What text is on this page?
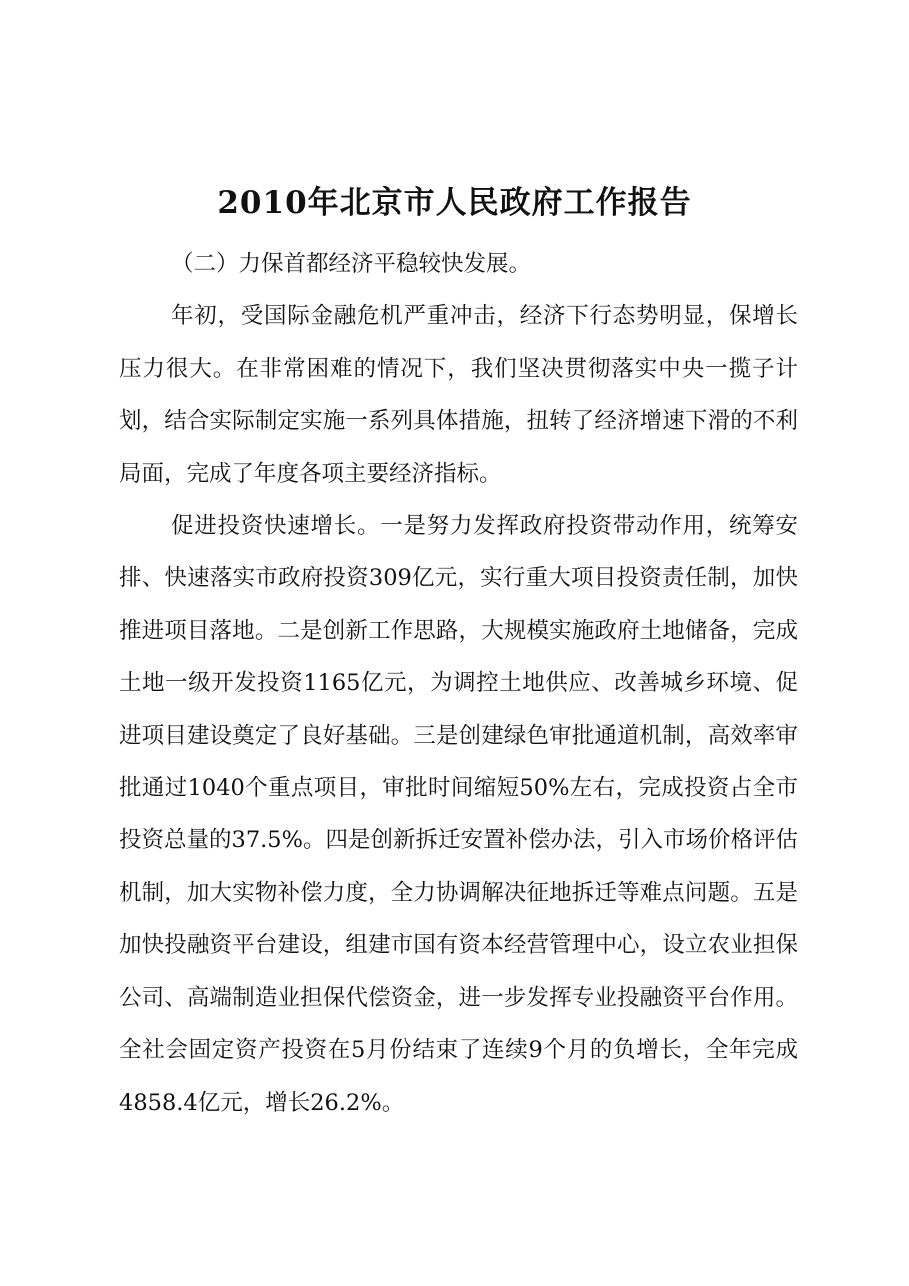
2010年北京市人民政府工作报告

（二）力保首都经济平稳较快发展。

年初，受国际金融危机严重冲击，经济下行态势明显，保增长压力很大。在非常困难的情况下，我们坚决贯彻落实中央一揽子计划，结合实际制定实施一系列具体措施，扭转了经济增速下滑的不利局面，完成了年度各项主要经济指标。

促进投资快速增长。一是努力发挥政府投资带动作用，统筹安排、快速落实市政府投资309亿元，实行重大项目投资责任制，加快推进项目落地。二是创新工作思路，大规模实施政府土地储备，完成土地一级开发投资1165亿元，为调控土地供应、改善城乡环境、促进项目建设奠定了良好基础。三是创建绿色审批通道机制，高效率审批通过1040个重点项目，审批时间缩短50%左右，完成投资占全市投资总量的37.5%。四是创新拆迁安置补偿办法，引入市场价格评估机制，加大实物补偿力度，全力协调解决征地拆迁等难点问题。五是加快投融资平台建设，组建市国有资本经营管理中心，设立农业担保公司、高端制造业担保代偿资金，进一步发挥专业投融资平台作用。全社会固定资产投资在5月份结束了连续9个月的负增长，全年完成4858.4亿元，增长26.2%。
